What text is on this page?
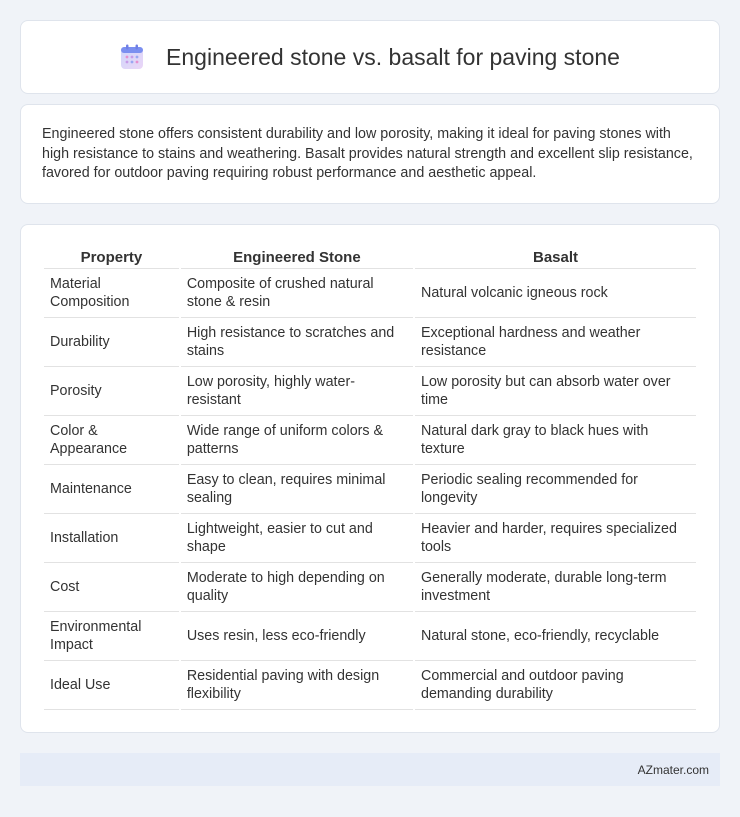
Engineered stone vs. basalt for paving stone

Engineered stone offers consistent durability and low porosity, making it ideal for paving stones with high resistance to stains and weathering. Basalt provides natural strength and excellent slip resistance, favored for outdoor paving requiring robust performance and aesthetic appeal.

Property	Engineered Stone	Basalt
Material Composition	Composite of crushed natural stone & resin	Natural volcanic igneous rock
Durability	High resistance to scratches and stains	Exceptional hardness and weather resistance
Porosity	Low porosity, highly water-resistant	Low porosity but can absorb water over time
Color & Appearance	Wide range of uniform colors & patterns	Natural dark gray to black hues with texture
Maintenance	Easy to clean, requires minimal sealing	Periodic sealing recommended for longevity
Installation	Lightweight, easier to cut and shape	Heavier and harder, requires specialized tools
Cost	Moderate to high depending on quality	Generally moderate, durable long-term investment
Environmental Impact	Uses resin, less eco-friendly	Natural stone, eco-friendly, recyclable
Ideal Use	Residential paving with design flexibility	Commercial and outdoor paving demanding durability
AZmater.com
